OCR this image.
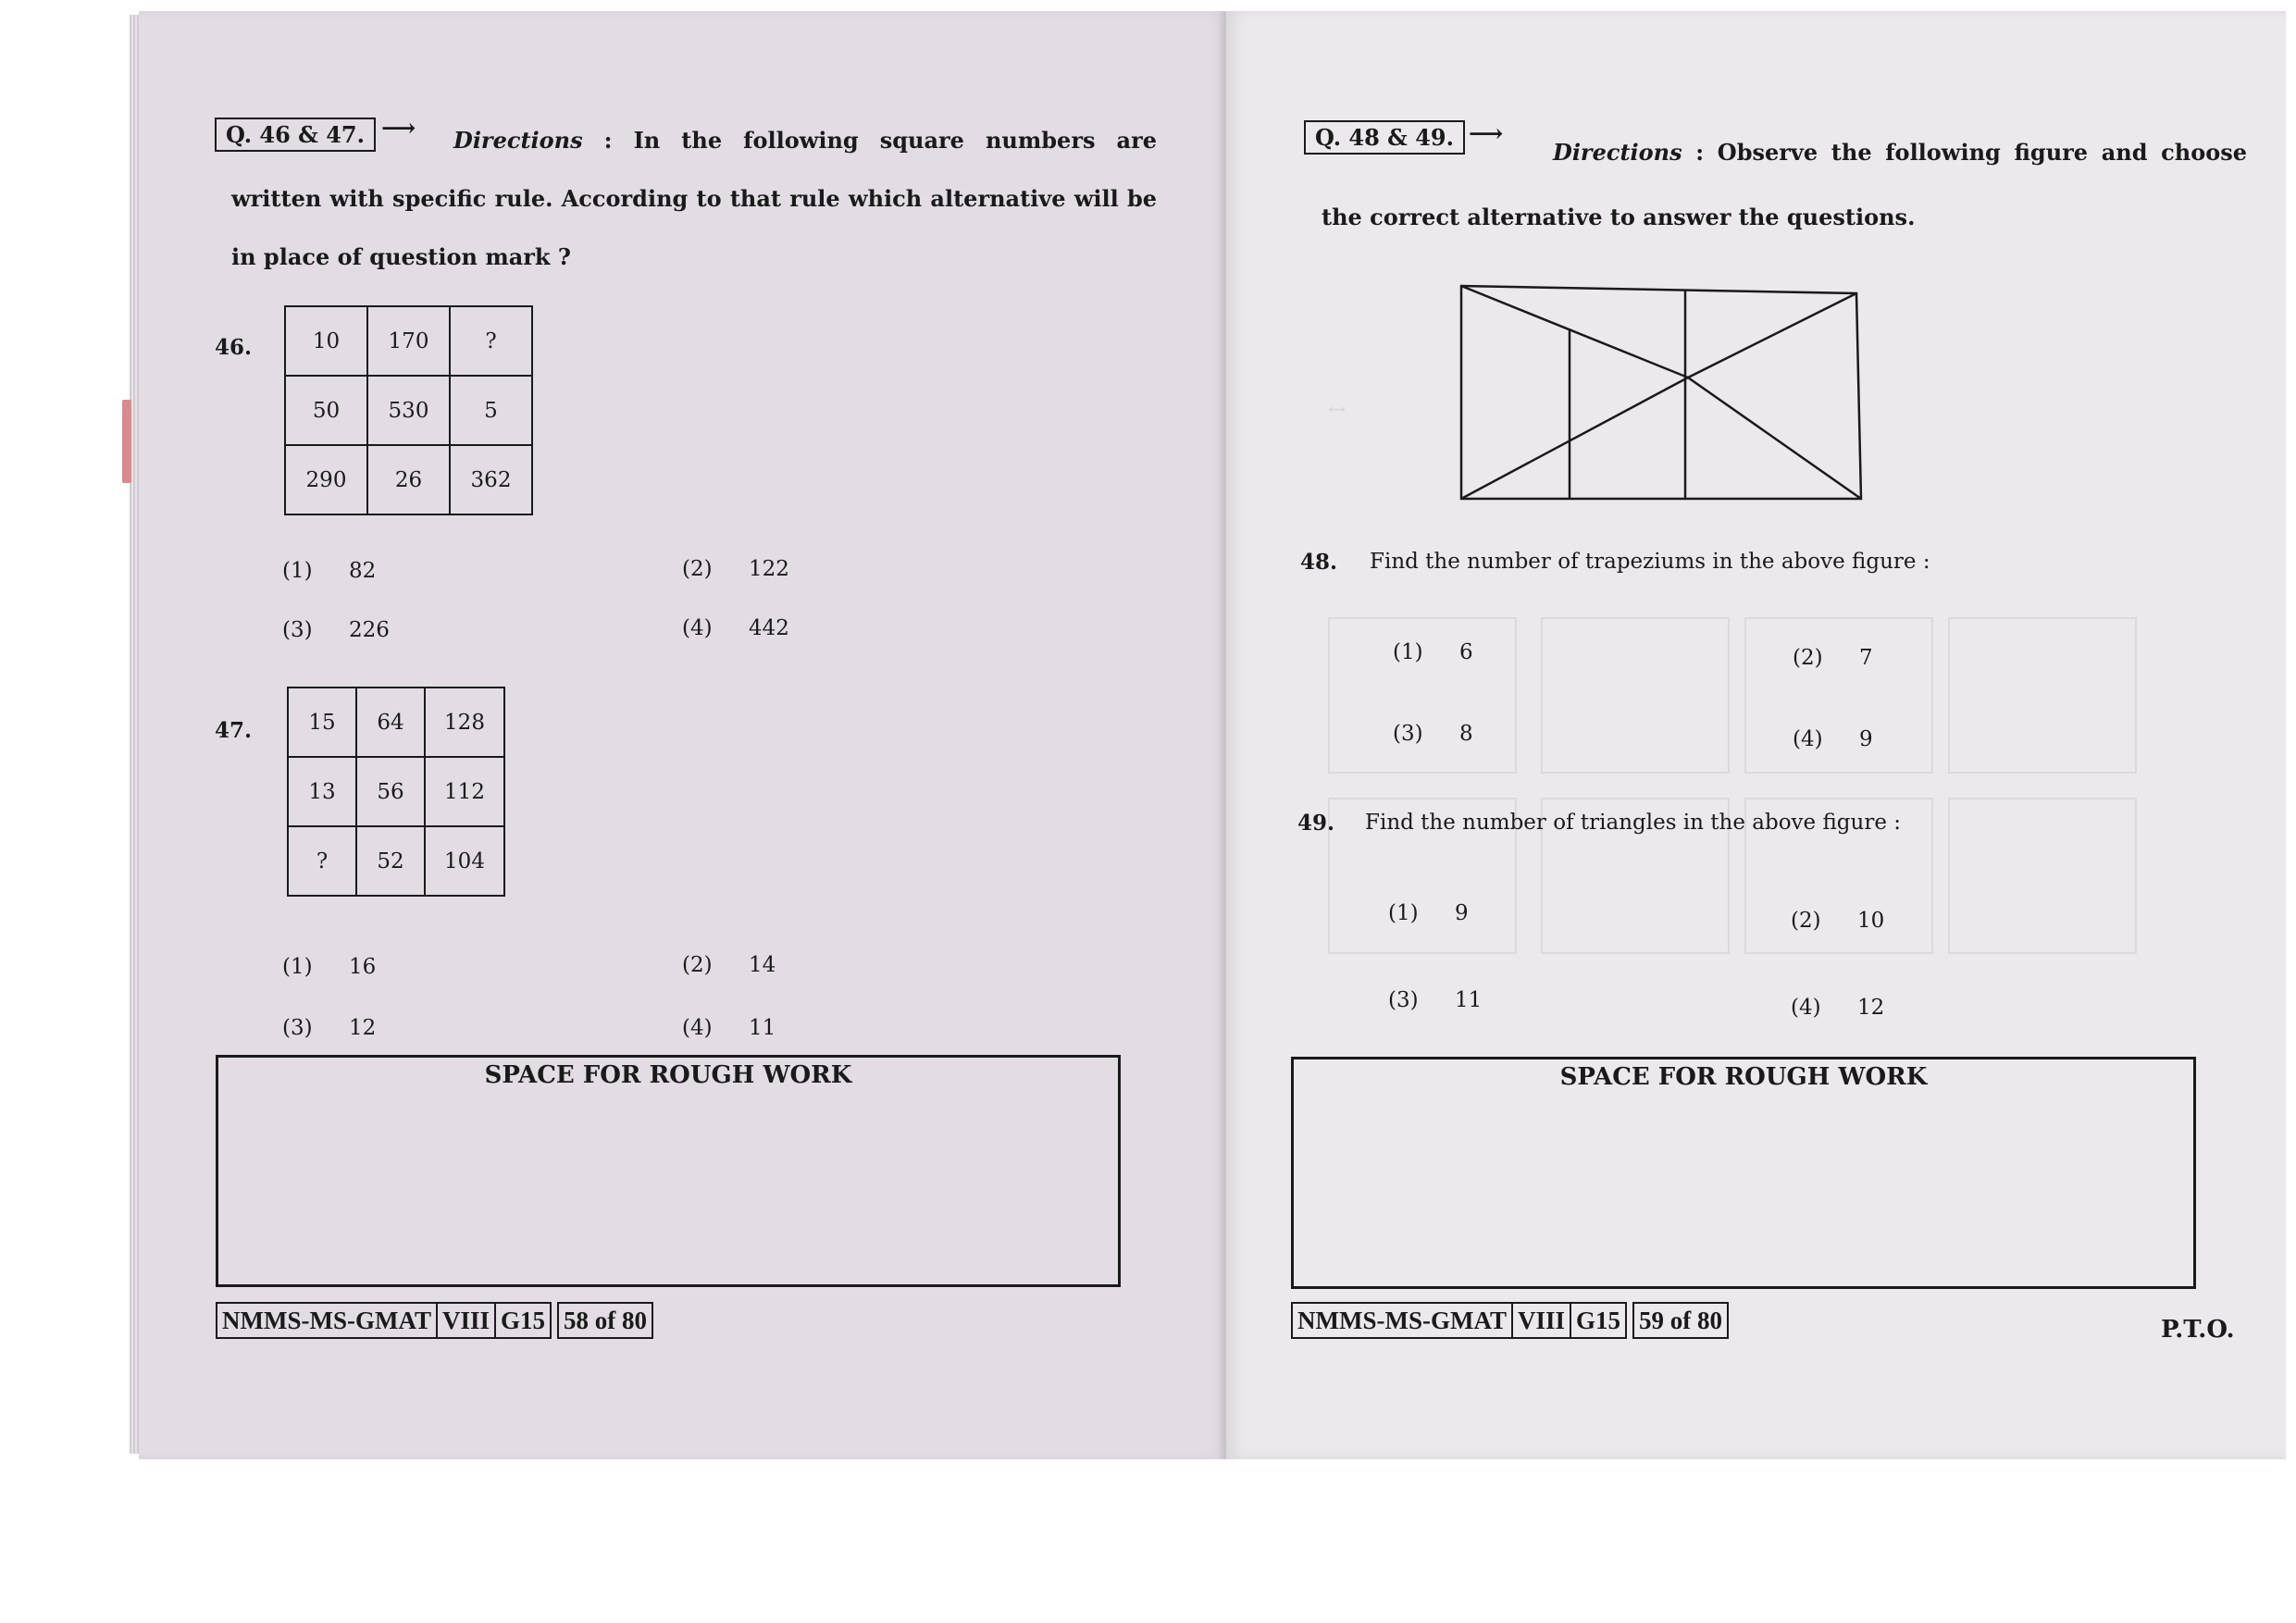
Q. 46 & 47. ⟶	Directions : In the following square numbers are written with specific rule. According to that rule which alternative will be in place of question mark ?
46.	10	170	?
50	530	5
290	26	362
(1) 82	(2) 122
(3) 226	(4) 442
47.	15	64	128
13	56	112
?	52	104
(1) 16	(2) 14
(3) 12	(4) 11
SPACE FOR ROUGH WORK
NMMS-MS-GMAT VIII G15 58 of 80
↔
Q. 48 & 49. ⟶
Directions : Observe the following figure and choose the correct alternative to answer the questions.
48. Find the number of trapeziums in the above figure :
(1) 6	(2) 7
(3) 8	(4) 9
49. Find the number of triangles in the above figure :
(1) 9	(2) 10
(3) 11	(4) 12
SPACE FOR ROUGH WORK
NMMS-MS-GMAT VIII G15 59 of 80	P.T.O.
